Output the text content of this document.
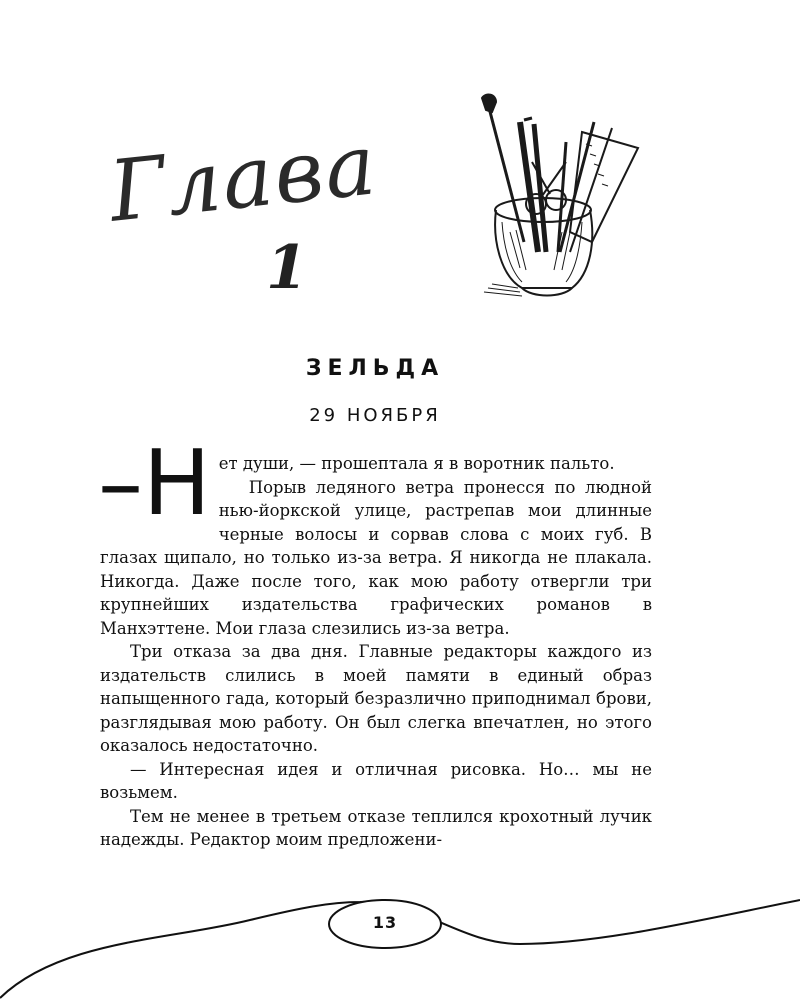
Глава
1
ЗЕЛЬДА
29 НОЯБРЯ
–Н ет души, — прошептала я в воротник пальто.

Порыв ледяного ветра пронесся по людной нью-йоркской улице, растрепав мои длинные черные волосы и сорвав слова с моих губ. В глазах щипало, но только из-за ветра. Я никогда не плакала. Никогда. Даже после того, как мою работу отвергли три крупнейших издательства графических романов в Манхэттене. Мои глаза слезились из-за ветра.

Три отказа за два дня. Главные редакторы каждого из издательств слились в моей памяти в единый образ напыщенного гада, который безразлично приподнимал брови, разглядывая мою работу. Он был слегка впечатлен, но этого оказалось недостаточно.

— Интересная идея и отличная рисовка. Но… мы не возьмем.

Тем не менее в третьем отказе теплился крохотный лучик надежды. Редактор моим предложени-

13
